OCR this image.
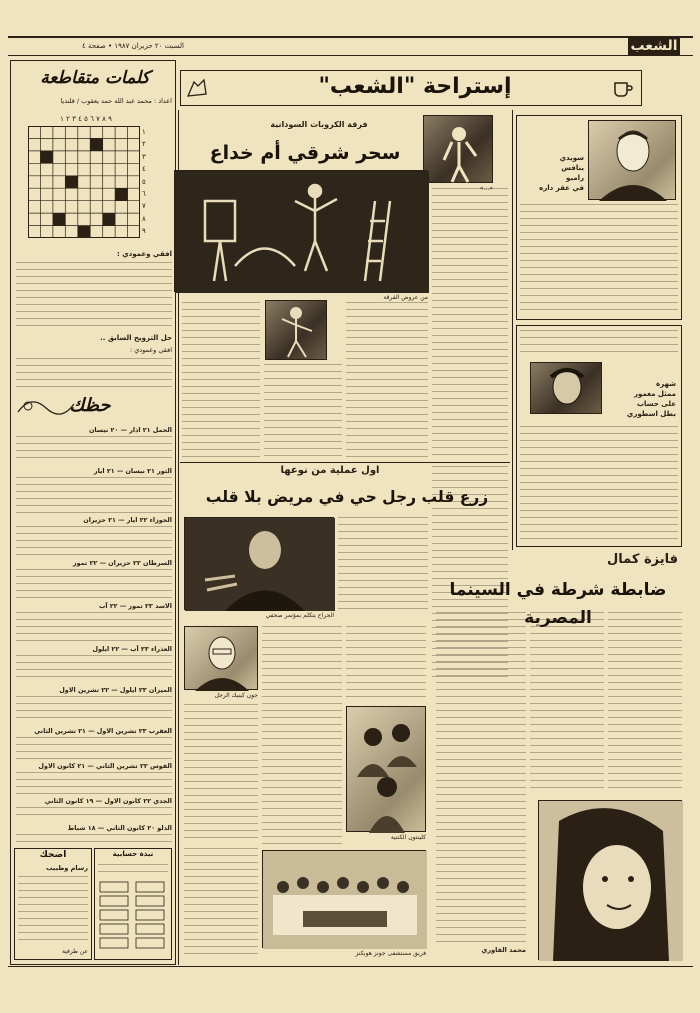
الشعب
السبت ٢٠ حزيران ١٩٨٧ • صفحة ٤
إستراحة "الشعب"
كلمات متقاطعة
اعداد : محمد عبد الله حمد يعقوب / قلنديا
٩ ٨ ٧ ٦ ٥ ٤ ٣ ٢ ١
١
٢
٣
٤
٥
٦
٧
٨
٩
افقي وعمودي :
حل الترويح السابق ..
افقي وعمودي :
حظك
الحمل ٢١ اذار — ٢٠ نيسان
الثور ٢١ نيسان — ٢١ ايار
الجوزاء ٢٢ ايار — ٢١ حزيران
السرطان ٢٢ حزيران — ٢٢ تموز
الاسد ٢٣ تموز — ٢٢ آب
العذراء ٢٣ آب — ٢٢ ايلول
الميزان ٢٣ ايلول — ٢٢ تشرين الاول
العقرب ٢٣ تشرين الاول — ٢١ تشرين الثاني
القوس ٢٢ تشرين الثاني — ٢١ كانون الاول
الجدي ٢٢ كانون الاول — ١٩ كانون الثاني
الدلو ٢٠ كانون الثاني — ١٨ شباط
اضحك
رسام وطبيب
عن طرفية
نبذة حسابية
فرقة الكروبات السودانية
سحر شرقي أم خداع
من عروض الفرقة
«...»
سويدي
ينافس
راميو
في عقر داره
شهرة
ممثل مغمور
على حساب
بطل اسطوري
اول عملية من نوعها
زرع قلب رجل حي في مريض بلا قلب
الجراح يتكلم بمؤتمر صحفي
جون كينيك الرجل
كلينتون الكنتية
فريق مستشفى جونز هوبكنز
فايزة كمال
ضابطة شرطة في السينما المصرية
محمد القاوري
